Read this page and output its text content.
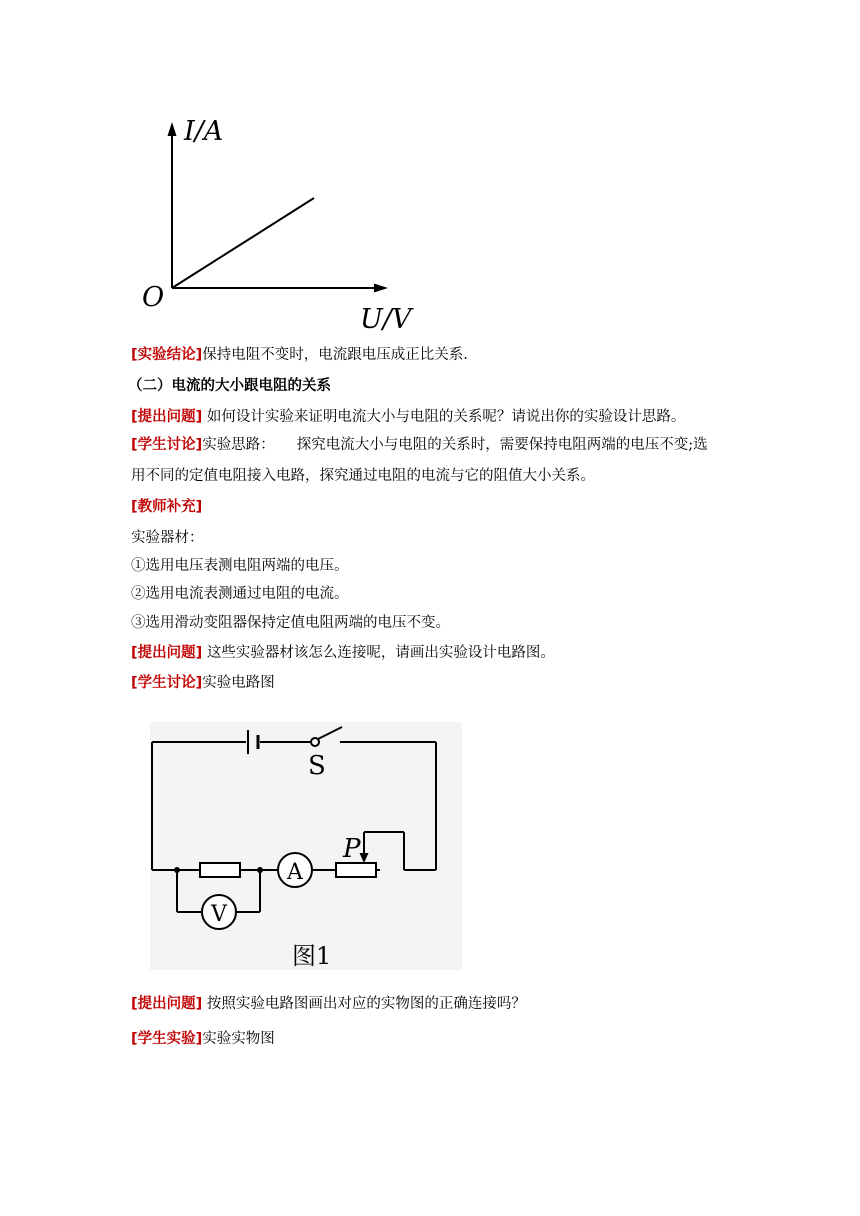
I/A
U/V
O
[实验结论]保持电阻不变时，电流跟电压成正比关系.
（二）电流的大小跟电阻的关系
[提出问题] 如何设计实验来证明电流大小与电阻的关系呢？请说出你的实验设计思路。
[学生讨论]实验思路： 探究电流大小与电阻的关系时，需要保持电阻两端的电压不变;选
用不同的定值电阻接入电路，探究通过电阻的电流与它的阻值大小关系。
[教师补充]
实验器材：
①选用电压表测电阻两端的电压。
②选用电流表测通过电阻的电流。
③选用滑动变阻器保持定值电阻两端的电压不变。
[提出问题] 这些实验器材该怎么连接呢，请画出实验设计电路图。
[学生讨论]实验电路图
S
A
P
V
图1
[提出问题] 按照实验电路图画出对应的实物图的正确连接吗？
[学生实验]实验实物图
